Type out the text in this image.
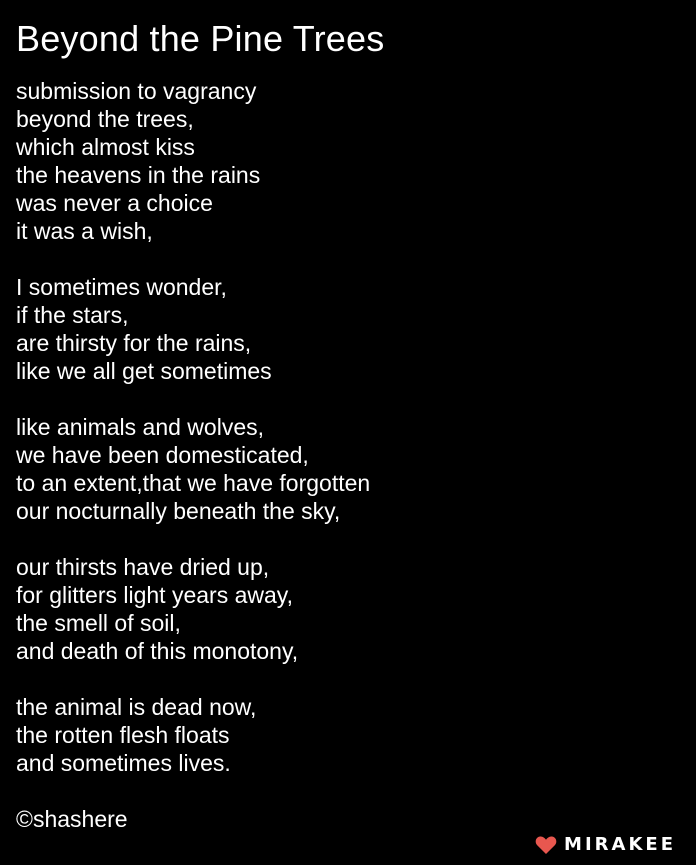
Beyond the Pine Trees
submission to vagrancy
beyond the trees,
which almost kiss
the heavens in the rains
was never a choice
it was a wish,
I sometimes wonder,
if the stars,
are thirsty for the rains,
like we all get sometimes
like animals and wolves,
we have been domesticated,
to an extent,that we have forgotten
our nocturnally beneath the sky,
our thirsts have dried up,
for glitters light years away,
the smell of soil,
and death of this monotony,
the animal is dead now,
the rotten flesh floats
and sometimes lives.
©shashere
MIRAKEE
